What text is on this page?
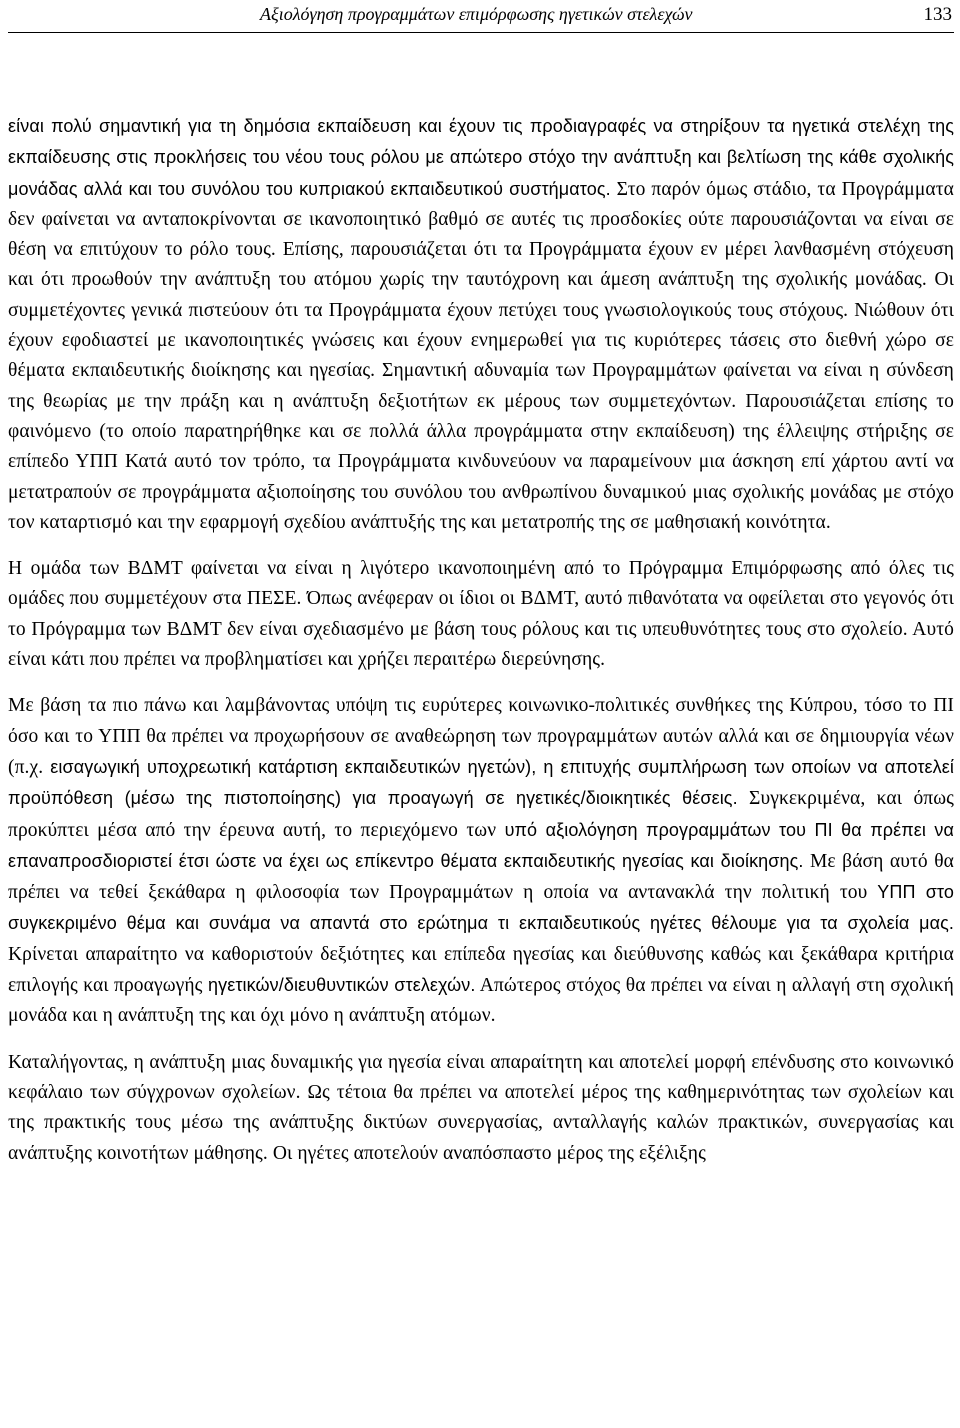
Αξιολόγηση προγραμμάτων επιμόρφωσης ηγετικών στελεχών	133

είναι πολύ σημαντική για τη δημόσια εκπαίδευση και έχουν τις προδιαγραφές να στηρίξουν τα ηγετικά στελέχη της εκπαίδευσης στις προκλήσεις του νέου τους ρόλου με απώτερο στόχο την ανάπτυξη και βελτίωση της κάθε σχολικής μονάδας αλλά και του συνόλου του κυπριακού εκπαιδευτικού συστήματος. Στο παρόν όμως στάδιο, τα Προγράμματα δεν φαίνεται να ανταποκρίνονται σε ικανοποιητικό βαθμό σε αυτές τις προσδοκίες ούτε παρουσιάζονται να είναι σε θέση να επιτύχουν το ρόλο τους. Επίσης, παρουσιάζεται ότι τα Προγράμματα έχουν εν μέρει λανθασμένη στόχευση και ότι προωθούν την ανάπτυξη του ατόμου χωρίς την ταυτόχρονη και άμεση ανάπτυξη της σχολικής μονάδας. Οι συμμετέχοντες γενικά πιστεύουν ότι τα Προγράμματα έχουν πετύχει τους γνωσιολογικούς τους στόχους. Νιώθουν ότι έχουν εφοδιαστεί με ικανοποιητικές γνώσεις και έχουν ενημερωθεί για τις κυριότερες τάσεις στο διεθνή χώρο σε θέματα εκπαιδευτικής διοίκησης και ηγεσίας. Σημαντική αδυναμία των Προγραμμάτων φαίνεται να είναι η σύνδεση της θεωρίας με την πράξη και η ανάπτυξη δεξιοτήτων εκ μέρους των συμμετεχόντων. Παρουσιάζεται επίσης το φαινόμενο (το οποίο παρατηρήθηκε και σε πολλά άλλα προγράμματα στην εκπαίδευση) της έλλειψης στήριξης σε επίπεδο ΥΠΠ Κατά αυτό τον τρόπο, τα Προγράμματα κινδυνεύουν να παραμείνουν μια άσκηση επί χάρτου αντί να μετατραπούν σε προγράμματα αξιοποίησης του συνόλου του ανθρωπίνου δυναμικού μιας σχολικής μονάδας με στόχο τον καταρτισμό και την εφαρμογή σχεδίου ανάπτυξής της και μετατροπής της σε μαθησιακή κοινότητα.

Η ομάδα των ΒΔΜΤ φαίνεται να είναι η λιγότερο ικανοποιημένη από το Πρόγραμμα Επιμόρφωσης από όλες τις ομάδες που συμμετέχουν στα ΠΕΣΕ. Όπως ανέφεραν οι ίδιοι οι ΒΔΜΤ, αυτό πιθανότατα να οφείλεται στο γεγονός ότι το Πρόγραμμα των ΒΔΜΤ δεν είναι σχεδιασμένο με βάση τους ρόλους και τις υπευθυνότητες τους στο σχολείο. Αυτό είναι κάτι που πρέπει να προβληματίσει και χρήζει περαιτέρω διερεύνησης.

Με βάση τα πιο πάνω και λαμβάνοντας υπόψη τις ευρύτερες κοινωνικο-πολιτικές συνθήκες της Κύπρου, τόσο το ΠΙ όσο και το ΥΠΠ θα πρέπει να προχωρήσουν σε αναθεώρηση των προγραμμάτων αυτών αλλά και σε δημιουργία νέων (π.χ. εισαγωγική υποχρεωτική κατάρτιση εκπαιδευτικών ηγετών), η επιτυχής συμπλήρωση των οποίων να αποτελεί προϋπόθεση (μέσω της πιστοποίησης) για προαγωγή σε ηγετικές/διοικητικές θέσεις. Συγκεκριμένα, και όπως προκύπτει μέσα από την έρευνα αυτή, το περιεχόμενο των υπό αξιολόγηση προγραμμάτων του ΠΙ θα πρέπει να επαναπροσδιοριστεί έτσι ώστε να έχει ως επίκεντρο θέματα εκπαιδευτικής ηγεσίας και διοίκησης. Με βάση αυτό θα πρέπει να τεθεί ξεκάθαρα η φιλοσοφία των Προγραμμάτων η οποία να αντανακλά την πολιτική του ΥΠΠ στο συγκεκριμένο θέμα και συνάμα να απαντά στο ερώτημα τι εκπαιδευτικούς ηγέτες θέλουμε για τα σχολεία μας. Κρίνεται απαραίτητο να καθοριστούν δεξιότητες και επίπεδα ηγεσίας και διεύθυνσης καθώς και ξεκάθαρα κριτήρια επιλογής και προαγωγής ηγετικών/διευθυντικών στελεχών. Απώτερος στόχος θα πρέπει να είναι η αλλαγή στη σχολική μονάδα και η ανάπτυξη της και όχι μόνο η ανάπτυξη ατόμων.

Καταλήγοντας, η ανάπτυξη μιας δυναμικής για ηγεσία είναι απαραίτητη και αποτελεί μορφή επένδυσης στο κοινωνικό κεφάλαιο των σύγχρονων σχολείων. Ως τέτοια θα πρέπει να αποτελεί μέρος της καθημερινότητας των σχολείων και της πρακτικής τους μέσω της ανάπτυξης δικτύων συνεργασίας, ανταλλαγής καλών πρακτικών, συνεργασίας και ανάπτυξης κοινοτήτων μάθησης. Οι ηγέτες αποτελούν αναπόσπαστο μέρος της εξέλιξης
